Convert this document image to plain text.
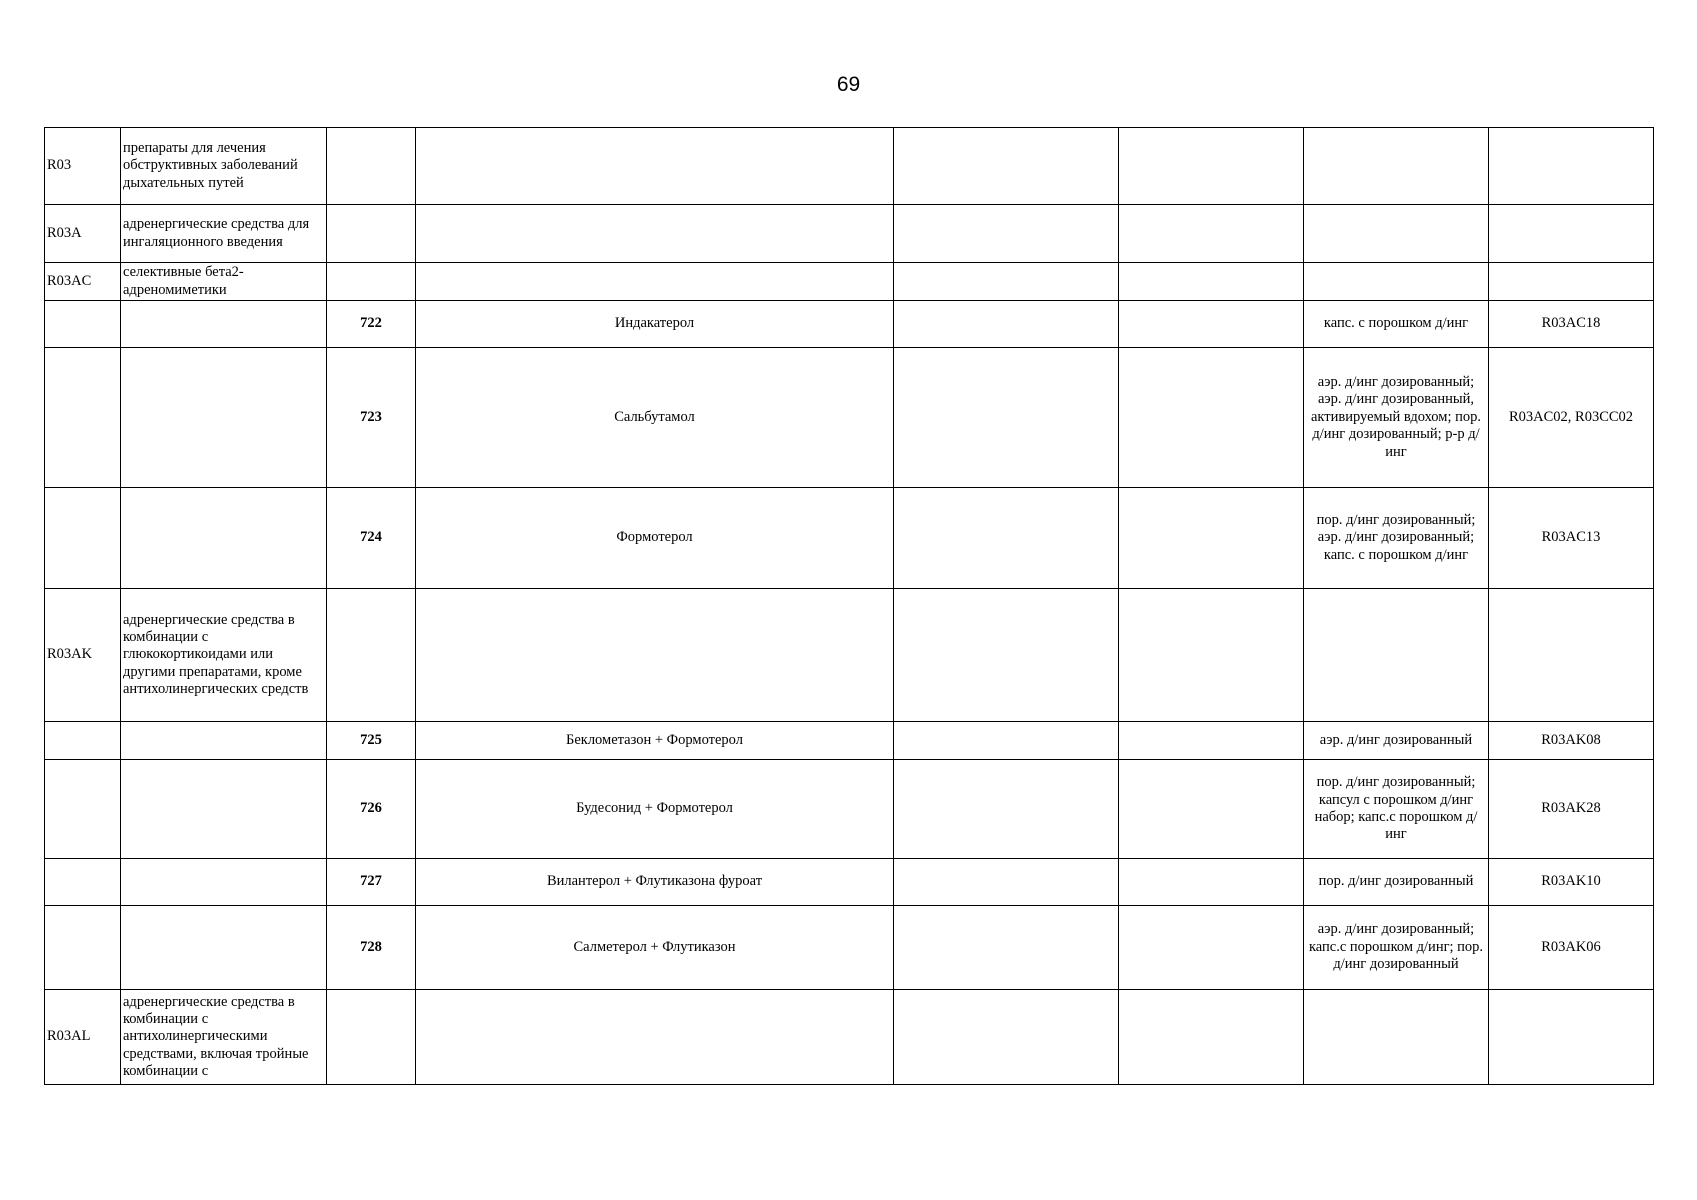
69
R03	препараты для лечения обструктивных заболеваний дыхательных путей						
R03A	адренергические средства для ингаляционного введения						
R03AC	селективные бета2-адреномиметики						
		722	Индакатерол			капс. с порошком д/инг	R03AC18
		723	Сальбутамол			аэр. д/инг дозированный; аэр. д/инг дозированный, активируемый вдохом; пор. д/инг дозированный; р-р д/инг	R03AC02, R03CC02
		724	Формотерол			пор. д/инг дозированный; аэр. д/инг дозированный; капс. с порошком д/инг	R03AC13
R03AK	адренергические средства в комбинации с глюкокортикоидами или другими препаратами, кроме антихолинергических средств						
		725	Беклометазон + Формотерол			аэр. д/инг дозированный	R03AK08
		726	Будесонид + Формотерол			пор. д/инг дозированный; капсул с порошком д/инг набор; капс.с порошком д/инг	R03AK28
		727	Вилантерол + Флутиказона фуроат			пор. д/инг дозированный	R03AK10
		728	Салметерол + Флутиказон			аэр. д/инг дозированный; капс.с порошком д/инг; пор. д/инг дозированный	R03AK06
R03AL	адренергические средства в комбинации с антихолинергическими средствами, включая тройные комбинации с						
